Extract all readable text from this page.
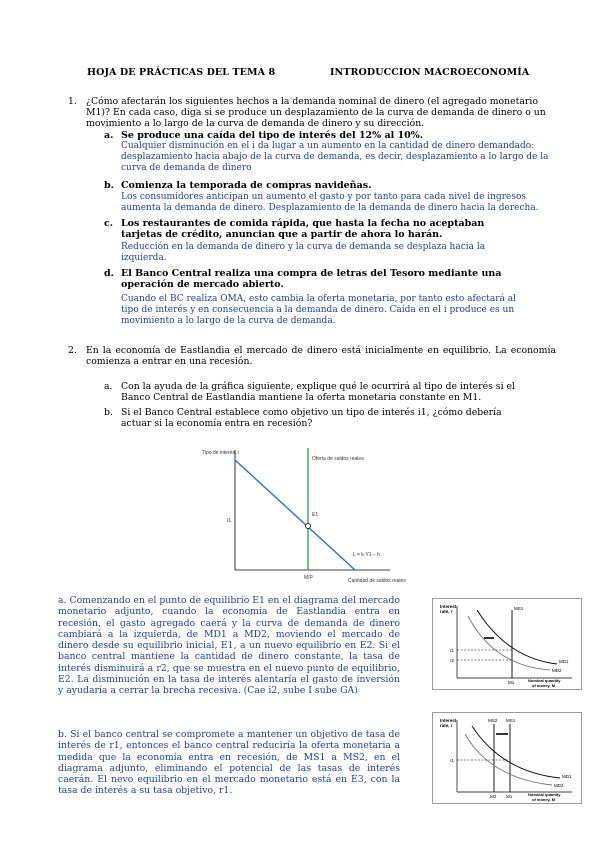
HOJA DE PRÁCTICAS DEL TEMA 8	INTRODUCCION MACROECONOMÍA
1. ¿Cómo afectarán los siguientes hechos a la demanda nominal de dinero (el agregado monetario M1)? En cada caso, diga si se produce un desplazamiento de la curva de demanda de dinero o un movimiento a lo largo de la curva de demanda de dinero y su dirección.
a. Se produce una caída del tipo de interés del 12% al 10%.
Cualquier disminución en el i da lugar a un aumento en la cantidad de dinero demandado: desplazamiento hacia abajo de la curva de demanda, es decir, desplazamiento a lo largo de la curva de demanda de dinero
b. Comienza la temporada de compras navideñas.
Los consumidores anticipan un aumento el gasto y por tanto para cada nivel de ingresos aumenta la demanda de dinero. Desplazamiento de la demanda de dinero hacia la derecha.
c. Los restaurantes de comida rápida, que hasta la fecha no aceptaban tarjetas de crédito, anuncian que a partir de ahora lo harán.
Reducción en la demanda de dinero y la curva de demanda se desplaza hacia la izquierda.
d. El Banco Central realiza una compra de letras del Tesoro mediante una operación de mercado abierto.
Cuando el BC realiza OMA, esto cambia la oferta monetaria, por tanto esto afectará al tipo de interés y en consecuencia a la demanda de dinero. Caída en el i produce es un movimiento a lo largo de la curva de demanda.
2. En la economía de Eastlandia el mercado de dinero está inicialmente en equilibrio. La economía comienza a entrar en una recesión.
a. Con la ayuda de la gráfica siguiente, explique qué le ocurrirá al tipo de interés si el Banco Central de Eastlandia mantiene la oferta monetaria constante en M1.
b. Si el Banco Central establece como objetivo un tipo de interés i1, ¿cómo debería actuar si la economía entra en recesión?
Tipo de interés, i
Oferta de saldos reales
L = k·Y1 − h
i1
E1
M/P	Cantidad de saldos reales
a. Comenzando en el punto de equilibrio E1 en el diagrama del mercado monetario adjunto, cuando la economía de Eastlandia entra en recesión, el gasto agregado caerá y la curva de demanda de dinero cambiará a la izquierda, de MD1 a MD2, moviendo el mercado de dinero desde su equilibrio inicial, E1, a un nuevo equilibrio en E2. Si el banco central mantiene la cantidad de dinero constante, la tasa de interés disminuirá a r2, que se muestra en el nuevo punto de equilibrio, E2. La disminución en la tasa de interés alentaría el gasto de inversión y ayudaría a cerrar la brecha recesiva. (Cae i2, sube I sube GA)
Interest
rate, r
MS1
MD1
MD2
r1
r2
M1	Nominal quantity
of money, M
b. Si el banco central se compromete a mantener un objetivo de tasa de interés de r1, entonces el banco central reduciría la oferta monetaria a medida que la economía entra en recesión, de MS1 a MS2, en el diagrama adjunto, eliminando el potencial de las tasas de interés caerán. El nevo equilibrio en el mercado monetario está en E3, con la tasa de interés a su tasa objetivo, r1.
Interest
rate, r
MS2 MS1
MD1
MD2
r1
M2 M1	Nominal quantity
of money, M
